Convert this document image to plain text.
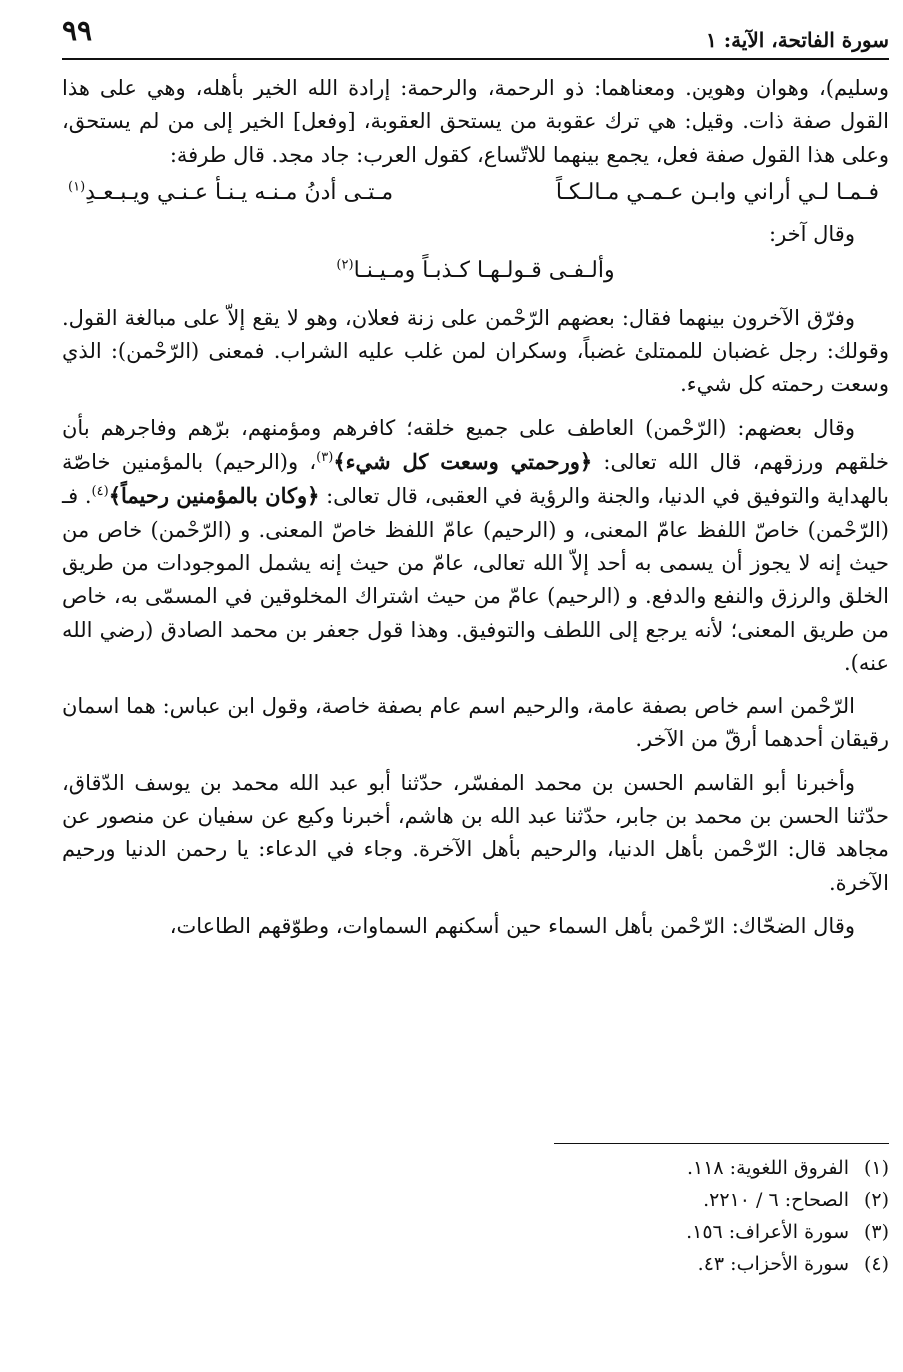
سورة الفاتحة، الآية: ١
٩٩

وسليم)، وهوان وهوين. ومعناهما: ذو الرحمة، والرحمة: إرادة الله الخير بأهله، وهي على هذا القول صفة ذات. وقيل: هي ترك عقوبة من يستحق العقوبة، [وفعل] الخير إلى من لم يستحق، وعلى هذا القول صفة فعل، يجمع بينهما للاتّساع، كقول العرب: جاد مجد. قال طرفة:

فـمـا لـي أراني وابـن عـمـي مـالـكـاً
مـتـى أدنُ مـنـه يـنـأ عـنـي ويـبـعـدِ$^{(١)}$
وقال آخر:
وألـفـى قـولـهـا كـذبـاً ومـيـنـا$^{(٢)}$

وفرّق الآخرون بينهما فقال: بعضهم الرّحْمن على زنة فعلان، وهو لا يقع إلاّ على مبالغة القول. وقولك: رجل غضبان للممتلئ غضباً، وسكران لمن غلب عليه الشراب. فمعنى (الرّحْمن): الذي وسعت رحمته كل شيء.

وقال بعضهم: (الرّحْمن) العاطف على جميع خلقه؛ كافرهم ومؤمنهم، برّهم وفاجرهم بأن خلقهم ورزقهم، قال الله تعالى: ﴿ورحمتي وسعت كل شيء﴾$^{(٣)}$، و(الرحيم) بالمؤمنين خاصّة بالهداية والتوفيق في الدنيا، والجنة والرؤية في العقبى، قال تعالى: ﴿وكان بالمؤمنين رحيماً﴾$^{(٤)}$. فـ (الرّحْمن) خاصّ اللفظ عامّ المعنى، و (الرحيم) عامّ اللفظ خاصّ المعنى. و (الرّحْمن) خاص من حيث إنه لا يجوز أن يسمى به أحد إلاّ الله تعالى، عامّ من حيث إنه يشمل الموجودات من طريق الخلق والرزق والنفع والدفع. و (الرحيم) عامّ من حيث اشتراك المخلوقين في المسمّى به، خاص من طريق المعنى؛ لأنه يرجع إلى اللطف والتوفيق. وهذا قول جعفر بن محمد الصادق (رضي الله عنه).

الرّحْمن اسم خاص بصفة عامة، والرحيم اسم عام بصفة خاصة، وقول ابن عباس: هما اسمان رقيقان أحدهما أرقّ من الآخر.

وأخبرنا أبو القاسم الحسن بن محمد المفسّر، حدّثنا أبو عبد الله محمد بن يوسف الدّقاق، حدّثنا الحسن بن محمد بن جابر، حدّثنا عبد الله بن هاشم، أخبرنا وكيع عن سفيان عن منصور عن مجاهد قال: الرّحْمن بأهل الدنيا، والرحيم بأهل الآخرة. وجاء في الدعاء: يا رحمن الدنيا ورحيم الآخرة.

وقال الضحّاك: الرّحْمن بأهل السماء حين أسكنهم السماوات، وطوّقهم الطاعات،

(١)الفروق اللغوية: ١١٨.
(٢)الصحاح: ٦ / ٢٢١٠.
(٣)سورة الأعراف: ١٥٦.
(٤)سورة الأحزاب: ٤٣.
